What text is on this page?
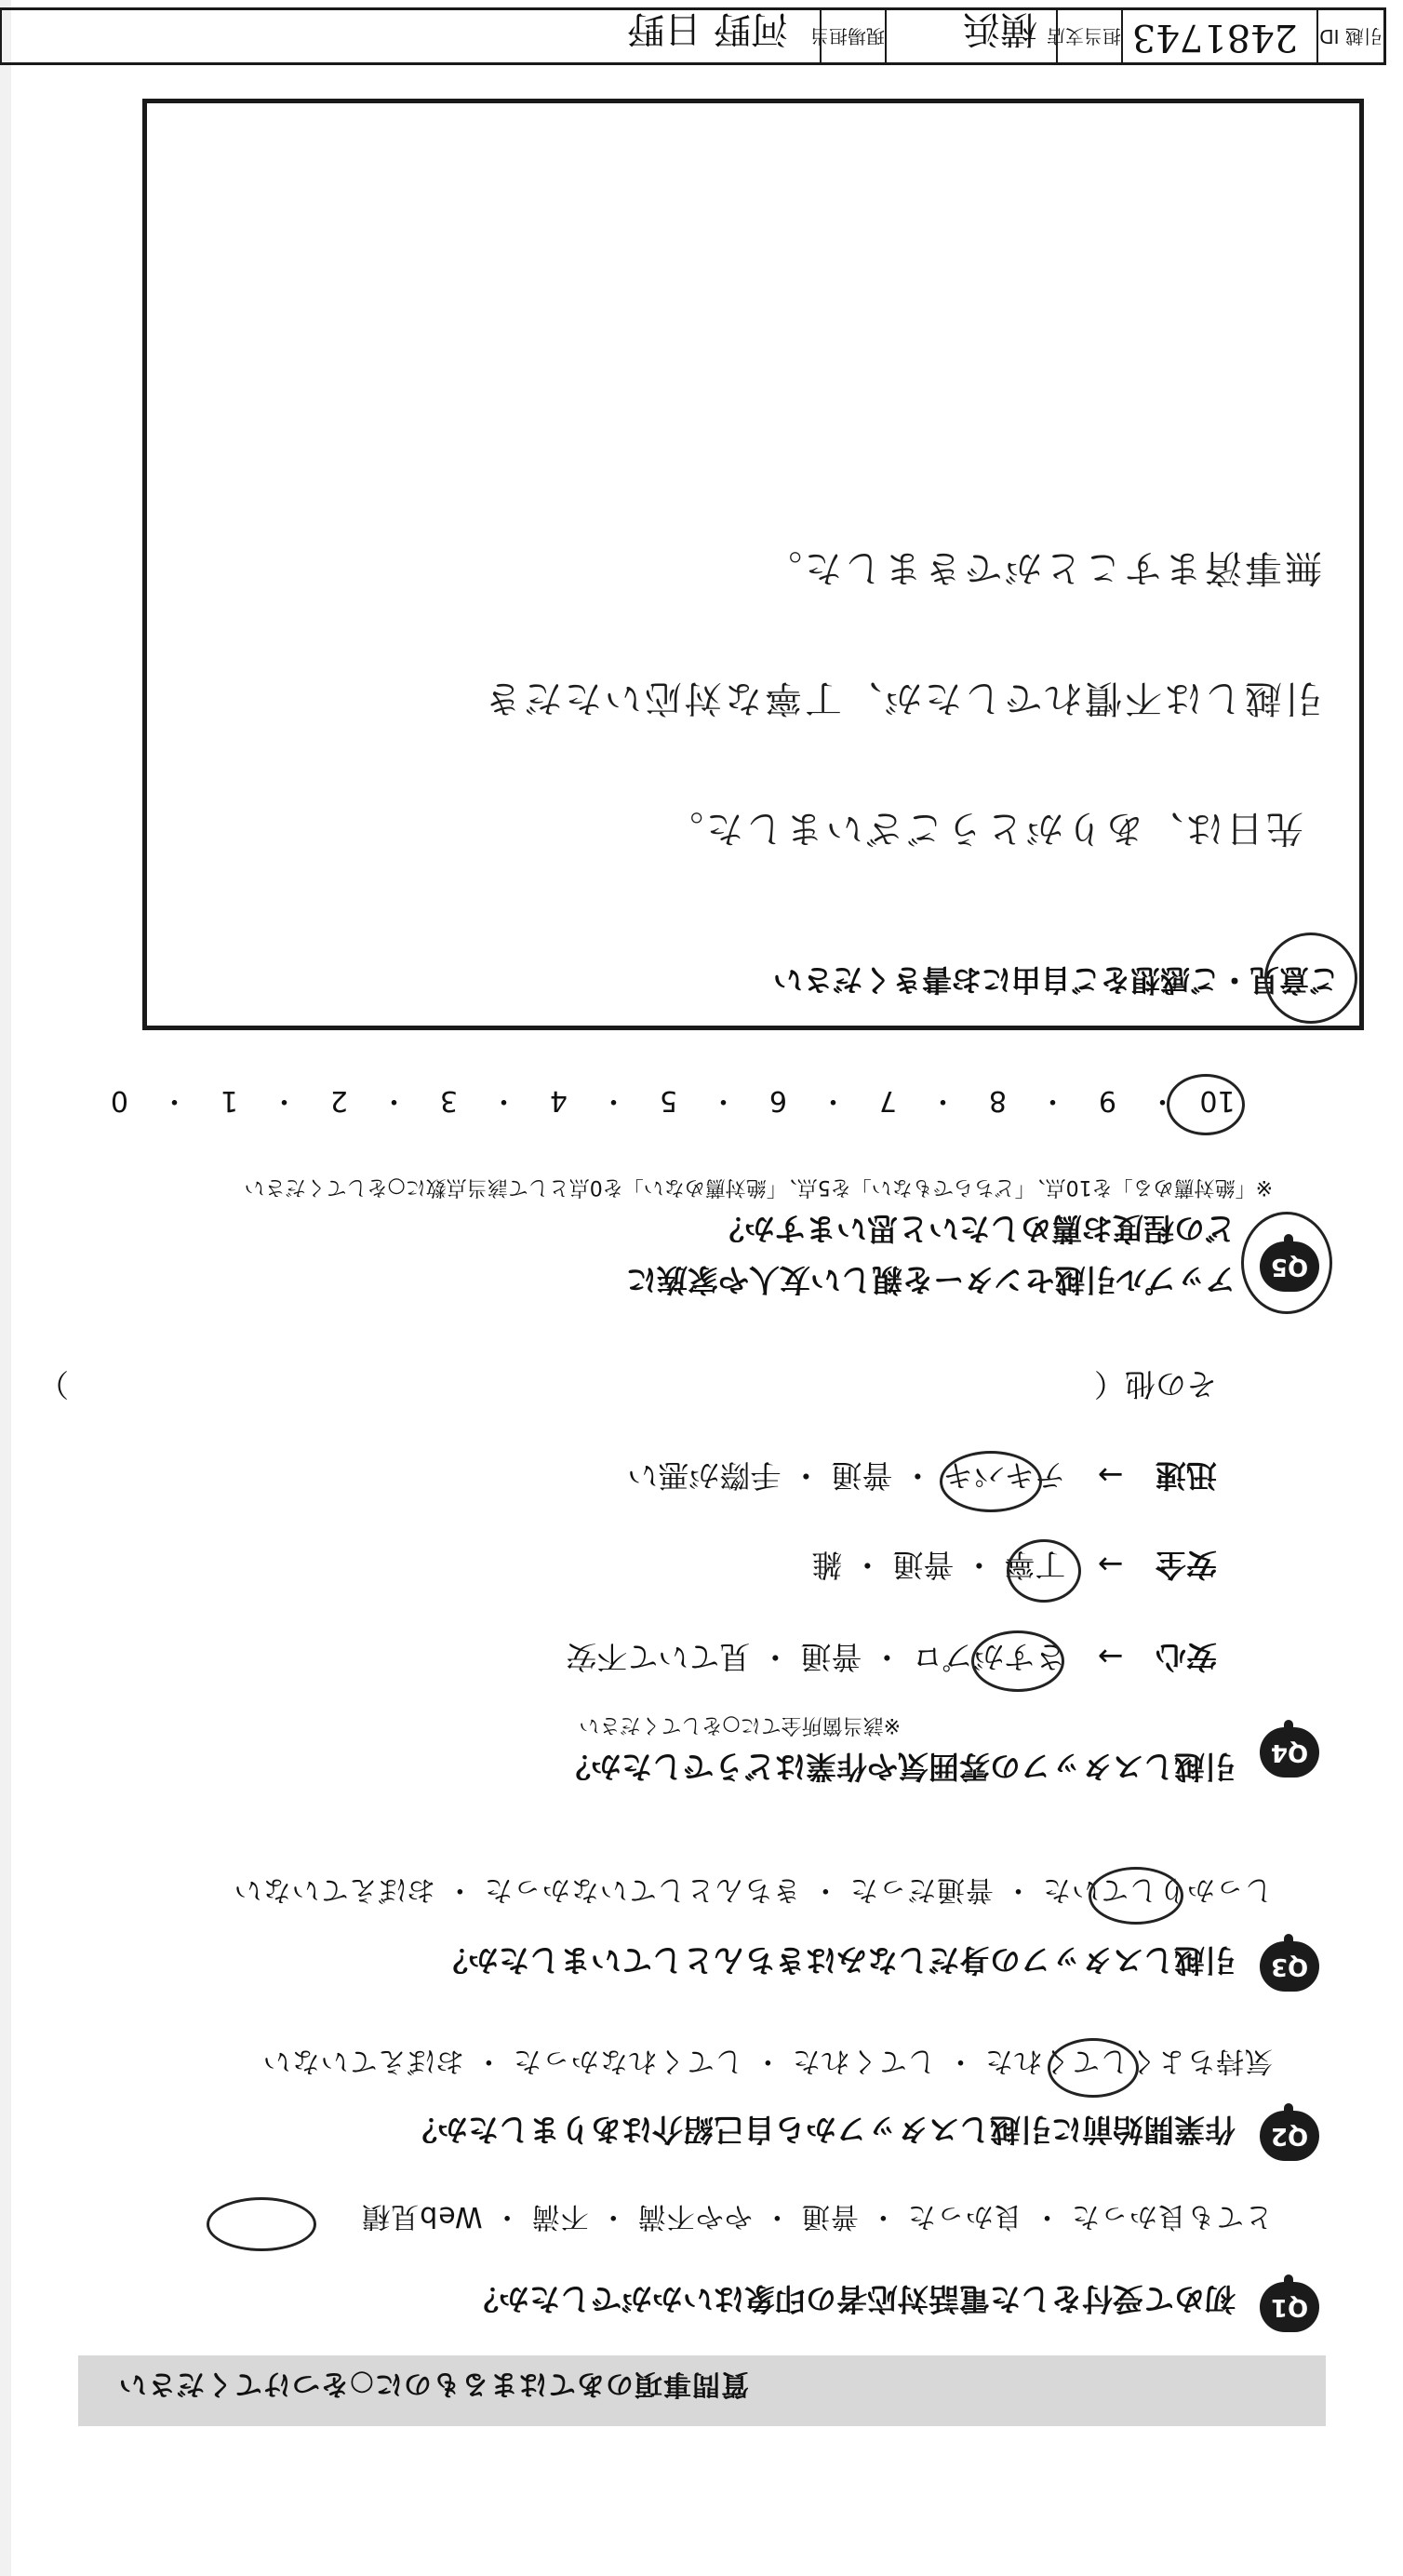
質問事項のあてはまるものに○をつけてください
Q1
初めて受付をした電話対応者の印象はいかがでしたか？
とても良かった ・ 良かった ・ 普通 ・ やや不満 ・ 不満 ・ Web見積
Q2
作業開始前に引越しスタッフから自己紹介はありましたか？
気持ちよくしてくれた ・ してくれた ・ してくれなかった ・ おぼえていない
Q3
引越しスタッフの身だしなみはきちんとしていましたか？
しっかりしていた ・ 普通だった ・ きちんとしていなかった ・ おぼえていない
Q4
引越しスタッフの雰囲気や作業はどうでしたか？
※該当箇所全てに○をしてください
安心 → さすがプロ ・ 普通 ・ 見ていて不安
安全 → 丁寧 ・ 普通 ・ 雑
迅速 → テキパキ ・ 普通 ・ 手際が悪い
その他（
）
Q5
アップル引越センターを親しい友人や家族に
どの程度お薦めしたいと思いますか？
※「絶対薦める」を10点、「どちらでもない」を5点、「絶対薦めない」を0点として該当点数に○をしてください
10・9・8・7・6・5・4・3・2・1・0
ご意見・ご感想をご自由にお書きください
先日は、ありがとうございました。
引越しは不慣れでしたが、丁寧な対応いただき
無事済ますことができました。
引越 ID
2481743
担当支店
横浜
現場担当
河野 日野
